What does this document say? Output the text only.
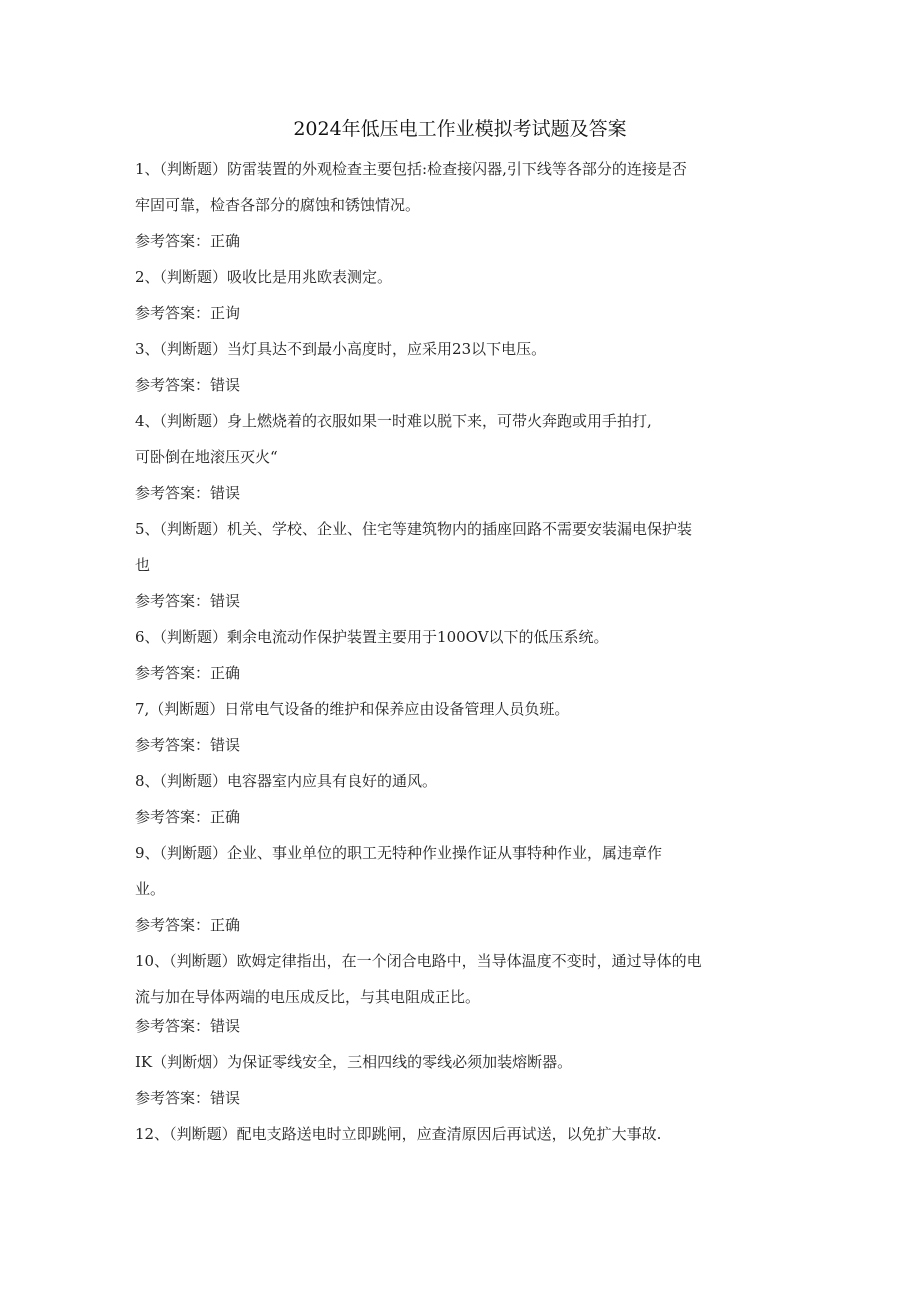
2024年低压电工作业模拟考试题及答案
1、（判断题）防雷装置的外观检查主要包括:检查接闪器,引下线等各部分的连接是否
牢固可靠，检杳各部分的腐蚀和锈蚀情况。
参考答案：正确
2、（判断题）吸收比是用兆欧表测定。
参考答案：正询
3、（判断题）当灯具达不到最小高度时，应采用23以下电压。
参考答案：错误
4、（判断题）身上燃烧着的衣服如果一时难以脱下来，可带火奔跑或用手拍打,
可卧倒在地滚压灭火“
参考答案：错误
5、（判断题）机关、学校、企业、住宅等建筑物内的插座回路不需要安装漏电保护装
也
参考答案：错误
6、（判断题）剩余电流动作保护装置主要用于100OV以下的低压系统。
参考答案：正确
7,（判断题）日常电气设备的维护和保养应由设备管理人员负班。
参考答案：错误
8、（判断题）电容器室内应具有良好的通风。
参考答案：正确
9、（判断题）企业、事业单位的职工无特种作业操作证从事特种作业，属违章作
业。
参考答案：正确
10、（判断题）欧姆定律指出，在一个闭合电路中，当导体温度不变时，通过导体的电
流与加在导体两端的电压成反比，与其电阻成正比。
参考答案：错误
IK（判断烟）为保证零线安全，三相四线的零线必须加装熔断器。
参考答案：错误
12、（判断题）配电支路送电时立即跳闸，应查清原因后再试送，以免扩大事故.
